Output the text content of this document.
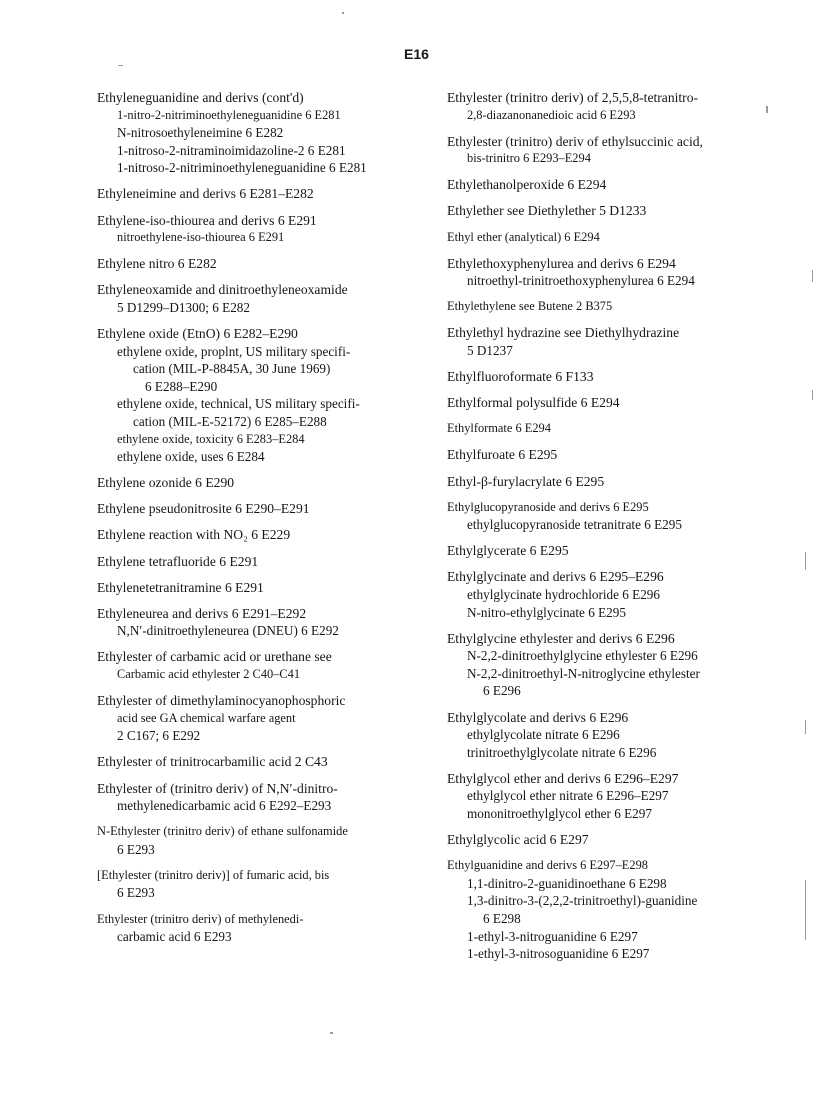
E16
Ethyleneguanidine and derivs (cont'd)
1-nitro-2-nitriminoethyleneguanidine 6 E281
N-nitrosoethyleneimine 6 E282
1-nitroso-2-nitraminoimidazoline-2 6 E281
1-nitroso-2-nitriminoethyleneguanidine 6 E281
Ethyleneimine and derivs 6 E281–E282
Ethylene-iso-thiourea and derivs 6 E291
nitroethylene-iso-thiourea 6 E291
Ethylene nitro 6 E282
Ethyleneoxamide and dinitroethyleneoxamide
5 D1299–D1300; 6 E282
Ethylene oxide (EtnO) 6 E282–E290
ethylene oxide, proplnt, US military specifi-
cation (MIL-P-8845A, 30 June 1969)
6 E288–E290
ethylene oxide, technical, US military specifi-
cation (MIL-E-52172) 6 E285–E288
ethylene oxide, toxicity 6 E283–E284
ethylene oxide, uses 6 E284
Ethylene ozonide 6 E290
Ethylene pseudonitrosite 6 E290–E291
Ethylene reaction with NO₂ 6 E229
Ethylene tetrafluoride 6 E291
Ethylenetetranitramine 6 E291
Ethyleneurea and derivs 6 E291–E292
N,N′-dinitroethyleneurea (DNEU) 6 E292
Ethylester of carbamic acid or urethane see
Carbamic acid ethylester 2 C40–C41
Ethylester of dimethylaminocyanophosphoric
acid see GA chemical warfare agent
2 C167; 6 E292
Ethylester of trinitrocarbamilic acid 2 C43
Ethylester of (trinitro deriv) of N,N′-dinitro-
methylenedicarbamic acid 6 E292–E293
N-Ethylester (trinitro deriv) of ethane sulfonamide
6 E293
[Ethylester (trinitro deriv)] of fumaric acid, bis
6 E293
Ethylester (trinitro deriv) of methylenedi-
carbamic acid 6 E293
Ethylester (trinitro deriv) of 2,5,5,8-tetranitro-
2,8-diazanonanedioic acid 6 E293
Ethylester (trinitro) deriv of ethylsuccinic acid,
bis-trinitro 6 E293–E294
Ethylethanolperoxide 6 E294
Ethylether see Diethylether 5 D1233
Ethyl ether (analytical) 6 E294
Ethylethoxyphenylurea and derivs 6 E294
nitroethyl-trinitroethoxyphenylurea 6 E294
Ethylethylene see Butene 2 B375
Ethylethyl hydrazine see Diethylhydrazine
5 D1237
Ethylfluoroformate 6 F133
Ethylformal polysulfide 6 E294
Ethylformate 6 E294
Ethylfuroate 6 E295
Ethyl-β-furylacrylate 6 E295
Ethylglucopyranoside and derivs 6 E295
ethylglucopyranoside tetranitrate 6 E295
Ethylglycerate 6 E295
Ethylglycinate and derivs 6 E295–E296
ethylglycinate hydrochloride 6 E296
N-nitro-ethylglycinate 6 E295
Ethylglycine ethylester and derivs 6 E296
N-2,2-dinitroethylglycine ethylester 6 E296
N-2,2-dinitroethyl-N-nitroglycine ethylester
6 E296
Ethylglycolate and derivs 6 E296
ethylglycolate nitrate 6 E296
trinitroethylglycolate nitrate 6 E296
Ethylglycol ether and derivs 6 E296–E297
ethylglycol ether nitrate 6 E296–E297
mononitroethylglycol ether 6 E297
Ethylglycolic acid 6 E297
Ethylguanidine and derivs 6 E297–E298
1,1-dinitro-2-guanidinoethane 6 E298
1,3-dinitro-3-(2,2,2-trinitroethyl)-guanidine
6 E298
1-ethyl-3-nitroguanidine 6 E297
1-ethyl-3-nitrosoguanidine 6 E297
